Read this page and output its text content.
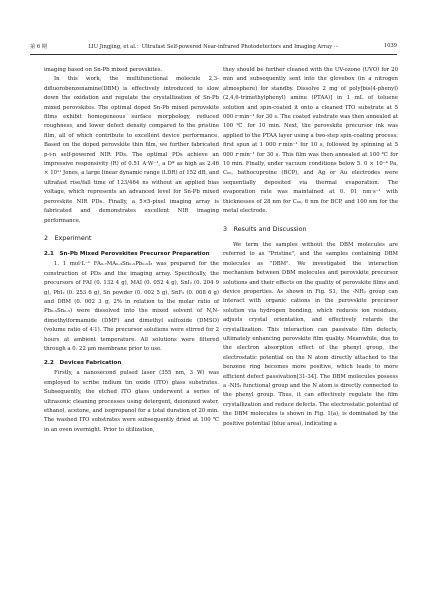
第 6 期	LIU Jingjing, et al.：Ultrafast Self-powered Near-infrared Photodetectors and Imaging Array ···	1039

imaging based on Sn-Pb mixed perovskites.

In this work, the multifunctional molecule 2,3-difluorobenzenamine(DBM) is effectively introduced to slow down the oxidation and regulate the crystallization of Sn-Pb mixed perovskites. The optimal doped Sn-Pb mixed perovskite films exhibit homogeneous surface morphology, reduced roughness, and lower defect density compared to the pristine film, all of which contribute to excellent device performance. Based on the doped perovskite thin film, we further fabricated p-i-n self-powered NIR PDs. The optimal PDs achieve an impressive responsivity (R) of 0.51 A·W⁻¹, a D* as high as 2.46 × 10¹¹ Jones, a large linear dynamic range (LDR) of 152 dB, and ultrafast rise/fall time of 123/464 ns without an applied bias voltage, which represents an advanced level for Sn-Pb mixed perovskite NIR PDs. Finally, a 5×5-pixel imaging array is fabricated and demonstrates excellent NIR imaging performance.

2　Experiment
2.1　Sn-Pb Mixed Perovskites Precursor Preparation

1. 1 mol·L⁻¹ FA₀.₇MA₀.₃Sn₀.₅Pb₀.₅I₃ was prepared for the construction of PDs and the imaging array. Specifically, the precursors of FAI (0. 132 4 g), MAI (0. 052 4 g), SnI₂ (0. 204 9 g), PbI₂ (0. 253 6 g), Sn powder (0. 002 5 g), SnF₂ (0. 008 6 g) and DBM (0. 002 3 g, 2% in relation to the molar ratio of Pb₀.₅Sn₀.₅) were dissolved into the mixed solvent of N,N-dimethylformamide (DMF) and dimethyl sulfoxide (DMSO) (volume ratio of 4∶1). The precursor solutions were stirred for 2 hours at ambient temperature. All solutions were filtered through a 0. 22 μm membrane prior to use.

2.2　Devices Fabrication

Firstly, a nanosecond pulsed laser (355 nm, 3 W) was employed to scribe indium tin oxide (ITO) glass substrates. Subsequently, the etched ITO glass underwent a series of ultrasonic cleaning processes using detergent, deionized water, ethanol, acetone, and isopropanol for a total duration of 20 min. The washed ITO substrates were subsequently dried at 100 ℃ in an oven overnight. Prior to utilization,

they should be further cleaned with the UV-ozone (UVO) for 20 min and subsequently sent into the glovebox (in a nitrogen atmosphere) for standby. Dissolve 2 mg of poly[bis(4-phenyl)(2,4,6-trimethylphenyl) amine (PTAA)] in 1 mL of toluene solution and spin-coated it onto a cleaned ITO substrate at 5 000 r·min⁻¹ for 30 s. The coated substrate was then annealed at 100 ℃ for 10 min. Next, the perovskite precursor ink was applied to the PTAA layer using a two-step spin-coating process: first spun at 1 000 r·min⁻¹ for 10 s, followed by spinning at 5 000 r·min⁻¹ for 30 s. This film was then annealed at 100 ℃ for 10 min. Finally, under vacuum conditions below 5. 0 × 10⁻⁴ Pa, C₆₀, bathocuproine (BCP), and Ag or Au electrodes were sequentially deposited via thermal evaporation. The evaporation rate was maintained at 0. 01 nm·s⁻¹ with thicknesses of 28 nm for C₆₀, 6 nm for BCP, and 100 nm for the metal electrode.

3　Results and Discussion

We term the samples without the DBM molecules are referred to as "Pristine", and the samples containing DBM molecules as "DBM". We investigated the interaction mechanism between DBM molecules and perovskite precursor solutions and their effects on the quality of perovskite films and device properties. As shown in Fig. S1, the -NH₂ group can interact with organic cations in the perovskite precursor solution via hydrogen bonding, which reduces ion residues, adjusts crystal orientation, and effectively retards the crystallization. This interaction can passivate film defects, ultimately enhancing perovskite film quality. Meanwhile, due to the electron absorption effect of the phenyl group, the electrostatic potential on the N atom directly attached to the benzene ring becomes more positive, which leads to more efficient defect passivation[31-34]. The DBM molecules possess a -NH₂ functional group and the N atom is directly connected to the phenyl group. Thus, it can effectively regulate the film crystallization and reduce defects. The electrostatic potential of the DBM molecules is shown in Fig. 1(a), is dominated by the positive potential (blue area), indicating a
